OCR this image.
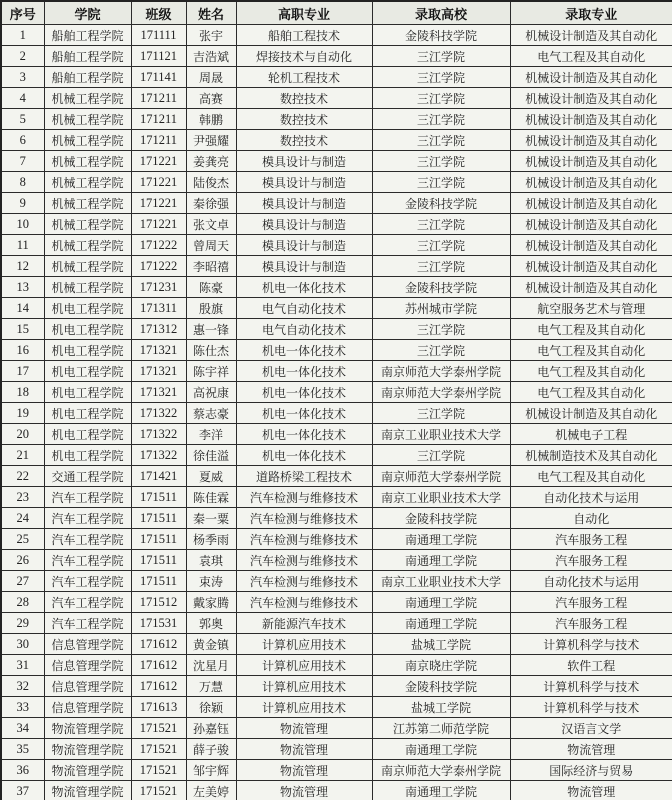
序号	学院	班级	姓名	高职专业	录取高校	录取专业
1	船舶工程学院	171111	张宇	船舶工程技术	金陵科技学院	机械设计制造及其自动化
2	船舶工程学院	171121	吉浩斌	焊接技术与自动化	三江学院	电气工程及其自动化
3	船舶工程学院	171141	周晟	轮机工程技术	三江学院	机械设计制造及其自动化
4	机械工程学院	171211	高赛	数控技术	三江学院	机械设计制造及其自动化
5	机械工程学院	171211	韩鹏	数控技术	三江学院	机械设计制造及其自动化
6	机械工程学院	171211	尹强耀	数控技术	三江学院	机械设计制造及其自动化
7	机械工程学院	171221	姜龚亮	模具设计与制造	三江学院	机械设计制造及其自动化
8	机械工程学院	171221	陆俊杰	模具设计与制造	三江学院	机械设计制造及其自动化
9	机械工程学院	171221	秦徐强	模具设计与制造	金陵科技学院	机械设计制造及其自动化
10	机械工程学院	171221	张文卓	模具设计与制造	三江学院	机械设计制造及其自动化
11	机械工程学院	171222	曾周天	模具设计与制造	三江学院	机械设计制造及其自动化
12	机械工程学院	171222	李昭禧	模具设计与制造	三江学院	机械设计制造及其自动化
13	机械工程学院	171231	陈豪	机电一体化技术	金陵科技学院	机械设计制造及其自动化
14	机电工程学院	171311	殷旗	电气自动化技术	苏州城市学院	航空服务艺术与管理
15	机电工程学院	171312	惠一锋	电气自动化技术	三江学院	电气工程及其自动化
16	机电工程学院	171321	陈仕杰	机电一体化技术	三江学院	电气工程及其自动化
17	机电工程学院	171321	陈宇祥	机电一体化技术	南京师范大学泰州学院	电气工程及其自动化
18	机电工程学院	171321	高祝康	机电一体化技术	南京师范大学泰州学院	电气工程及其自动化
19	机电工程学院	171322	蔡志豪	机电一体化技术	三江学院	机械设计制造及其自动化
20	机电工程学院	171322	李洋	机电一体化技术	南京工业职业技术大学	机械电子工程
21	机电工程学院	171322	徐佳溢	机电一体化技术	三江学院	机械制造技术及其自动化
22	交通工程学院	171421	夏威	道路桥梁工程技术	南京师范大学泰州学院	电气工程及其自动化
23	汽车工程学院	171511	陈佳霖	汽车检测与维修技术	南京工业职业技术大学	自动化技术与运用
24	汽车工程学院	171511	秦一粟	汽车检测与维修技术	金陵科技学院	自动化
25	汽车工程学院	171511	杨季雨	汽车检测与维修技术	南通理工学院	汽车服务工程
26	汽车工程学院	171511	袁琪	汽车检测与维修技术	南通理工学院	汽车服务工程
27	汽车工程学院	171511	束涛	汽车检测与维修技术	南京工业职业技术大学	自动化技术与运用
28	汽车工程学院	171512	戴家腾	汽车检测与维修技术	南通理工学院	汽车服务工程
29	汽车工程学院	171531	郭奥	新能源汽车技术	南通理工学院	汽车服务工程
30	信息管理学院	171612	黄金镇	计算机应用技术	盐城工学院	计算机科学与技术
31	信息管理学院	171612	沈星月	计算机应用技术	南京晓庄学院	软件工程
32	信息管理学院	171612	万慧	计算机应用技术	金陵科技学院	计算机科学与技术
33	信息管理学院	171613	徐颖	计算机应用技术	盐城工学院	计算机科学与技术
34	物流管理学院	171521	孙嘉钰	物流管理	江苏第二师范学院	汉语言文学
35	物流管理学院	171521	薛子骏	物流管理	南通理工学院	物流管理
36	物流管理学院	171521	邹宇辉	物流管理	南京师范大学泰州学院	国际经济与贸易
37	物流管理学院	171521	左美婷	物流管理	南通理工学院	物流管理
